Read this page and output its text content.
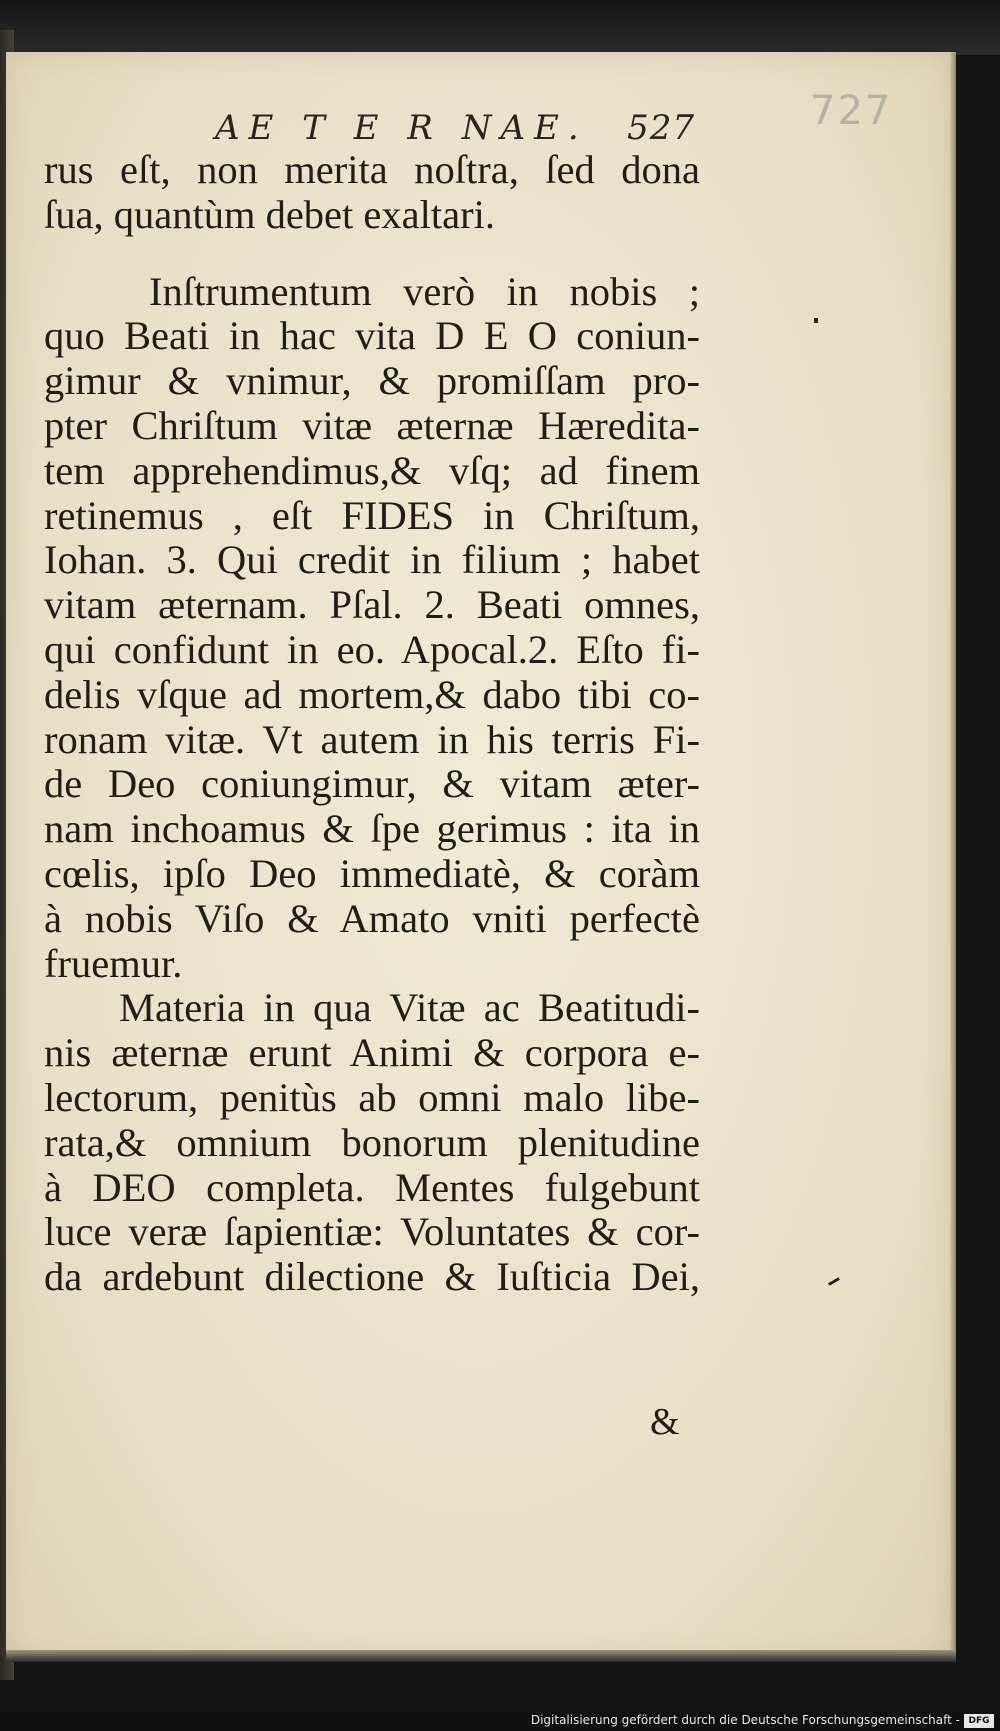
AE T E R NAE. 527	727
rus eſt, non merita noſtra, ſed dona
ſua, quantùm debet exaltari.
Inſtrumentum verò in nobis ;
quo Beati in hac vita D E O coniun-
gimur & vnimur, & promiſſam pro-
pter Chriſtum vitæ æternæ Hæredita-
tem apprehendimus,& vſq; ad finem
retinemus , eſt FIDES in Chriſtum,
Iohan. 3. Qui credit in filium ; habet
vitam æternam. Pſal. 2. Beati omnes,
qui confidunt in eo. Apocal.2. Eſto fi-
delis vſque ad mortem,& dabo tibi co-
ronam vitæ. Vt autem in his terris Fi-
de Deo coniungimur, & vitam æter-
nam inchoamus & ſpe gerimus : ita in
cœlis, ipſo Deo immediatè, & coràm
à nobis Viſo & Amato vniti perfectè
fruemur.
Materia in qua Vitæ ac Beatitudi-
nis æternæ erunt Animi & corpora e-
lectorum, penitùs ab omni malo libe-
rata,& omnium bonorum plenitudine
à DEO completa. Mentes fulgebunt
luce veræ ſapientiæ: Voluntates & cor-
da ardebunt dilectione & Iuſticia Dei,
&
Digitalisierung gefördert durch die Deutsche Forschungsgemeinschaft - DFG
